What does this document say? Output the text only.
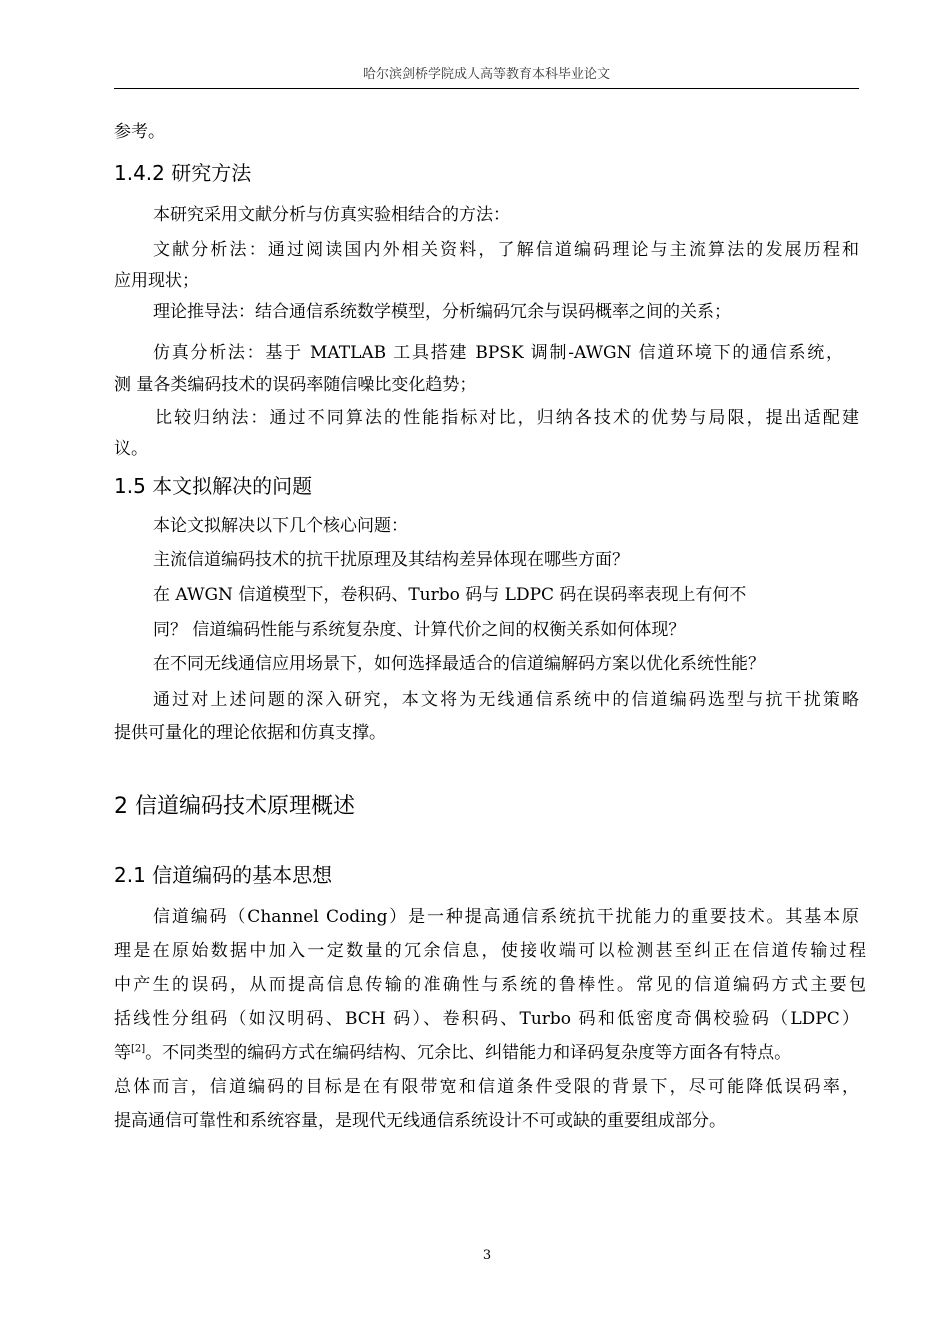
哈尔滨剑桥学院成人高等教育本科毕业论文
参考。
1.4.2 研究方法
本研究采用文献分析与仿真实验相结合的方法：
文献分析法：通过阅读国内外相关资料，了解信道编码理论与主流算法的发展历程和
应用现状；
理论推导法：结合通信系统数学模型，分析编码冗余与误码概率之间的关系；
仿真分析法：基于 MATLAB 工具搭建 BPSK 调制-AWGN 信道环境下的通信系统，
测 量各类编码技术的误码率随信噪比变化趋势；
比较归纳法：通过不同算法的性能指标对比，归纳各技术的优势与局限，提出适配建
议。
1.5 本文拟解决的问题
本论文拟解决以下几个核心问题：
主流信道编码技术的抗干扰原理及其结构差异体现在哪些方面？
在 AWGN 信道模型下，卷积码、Turbo 码与 LDPC 码在误码率表现上有何不
同？ 信道编码性能与系统复杂度、计算代价之间的权衡关系如何体现？
在不同无线通信应用场景下，如何选择最适合的信道编解码方案以优化系统性能？
通过对上述问题的深入研究，本文将为无线通信系统中的信道编码选型与抗干扰策略
提供可量化的理论依据和仿真支撑。
2 信道编码技术原理概述
2.1 信道编码的基本思想
信道编码（Channel Coding）是一种提高通信系统抗干扰能力的重要技术。其基本原
理是在原始数据中加入一定数量的冗余信息，使接收端可以检测甚至纠正在信道传输过程
中产生的误码，从而提高信息传输的准确性与系统的鲁棒性。常见的信道编码方式主要包
括线性分组码（如汉明码、BCH 码）、卷积码、Turbo 码和低密度奇偶校验码（LDPC）
等[2]。不同类型的编码方式在编码结构、冗余比、纠错能力和译码复杂度等方面各有特点。
总体而言，信道编码的目标是在有限带宽和信道条件受限的背景下，尽可能降低误码率，
提高通信可靠性和系统容量，是现代无线通信系统设计不可或缺的重要组成部分。
3
